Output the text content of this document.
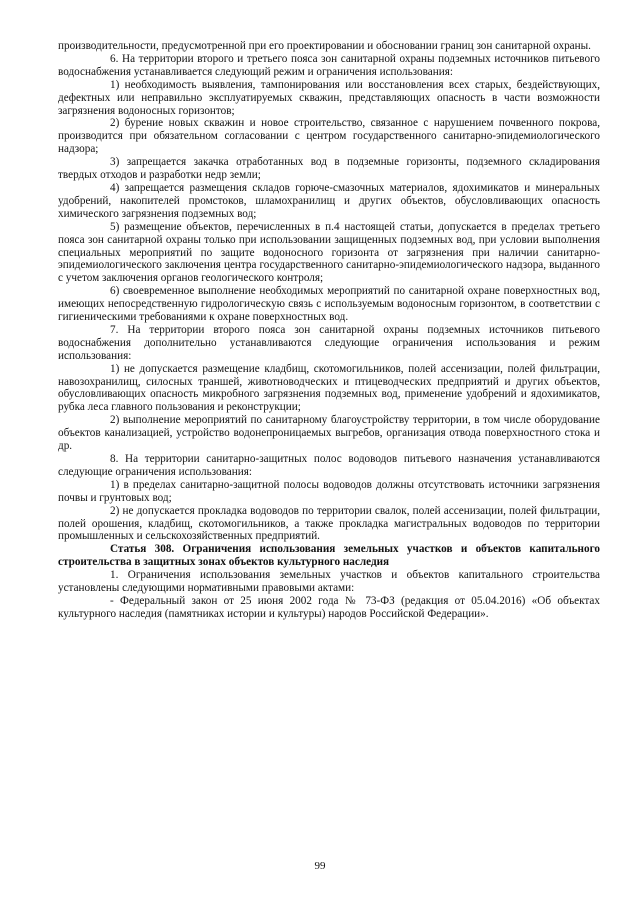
производительности, предусмотренной при его проектировании и обосновании границ зон санитарной охраны.

6. На территории второго и третьего пояса зон санитарной охраны подземных источников питьевого водоснабжения устанавливается следующий режим и ограничения использования:

1) необходимость выявления, тампонирования или восстановления всех старых, бездействующих, дефектных или неправильно эксплуатируемых скважин, представляющих опасность в части возможности загрязнения водоносных горизонтов;

2) бурение новых скважин и новое строительство, связанное с нарушением почвенного покрова, производится при обязательном согласовании с центром государственного санитарно-эпидемиологического надзора;

3) запрещается закачка отработанных вод в подземные горизонты, подземного складирования твердых отходов и разработки недр земли;

4) запрещается размещения складов горюче-смазочных материалов, ядохимикатов и минеральных удобрений, накопителей промстоков, шламохранилищ и других объектов, обусловливающих опасность химического загрязнения подземных вод;

5) размещение объектов, перечисленных в п.4 настоящей статьи, допускается в пределах третьего пояса зон санитарной охраны только при использовании защищенных подземных вод, при условии выполнения специальных мероприятий по защите водоносного горизонта от загрязнения при наличии санитарно-эпидемиологического заключения центра государственного санитарно-эпидемиологического надзора, выданного с учетом заключения органов геологического контроля;

6) своевременное выполнение необходимых мероприятий по санитарной охране поверхностных вод, имеющих непосредственную гидрологическую связь с используемым водоносным горизонтом, в соответствии с гигиеническими требованиями к охране поверхностных вод.

7. На территории второго пояса зон санитарной охраны подземных источников питьевого водоснабжения дополнительно устанавливаются следующие ограничения использования и режим использования:

1) не допускается размещение кладбищ, скотомогильников, полей ассенизации, полей фильтрации, навозохранилищ, силосных траншей, животноводческих и птицеводческих предприятий и других объектов, обусловливающих опасность микробного загрязнения подземных вод, применение удобрений и ядохимикатов, рубка леса главного пользования и реконструкции;

2) выполнение мероприятий по санитарному благоустройству территории, в том числе оборудование объектов канализацией, устройство водонепроницаемых выгребов, организация отвода поверхностного стока и др.

8. На территории санитарно-защитных полос водоводов питьевого назначения устанавливаются следующие ограничения использования:

1) в пределах санитарно-защитной полосы водоводов должны отсутствовать источники загрязнения почвы и грунтовых вод;

2) не допускается прокладка водоводов по территории свалок, полей ассенизации, полей фильтрации, полей орошения, кладбищ, скотомогильников, а также прокладка магистральных водоводов по территории промышленных и сельскохозяйственных предприятий.

Статья 308. Ограничения использования земельных участков и объектов капитального строительства в защитных зонах объектов культурного наследия

1. Ограничения использования земельных участков и объектов капитального строительства установлены следующими нормативными правовыми актами:

- Федеральный закон от 25 июня 2002 года № 73-ФЗ (редакция от 05.04.2016) «Об объектах культурного наследия (памятниках истории и культуры) народов Российской Федерации».

99
